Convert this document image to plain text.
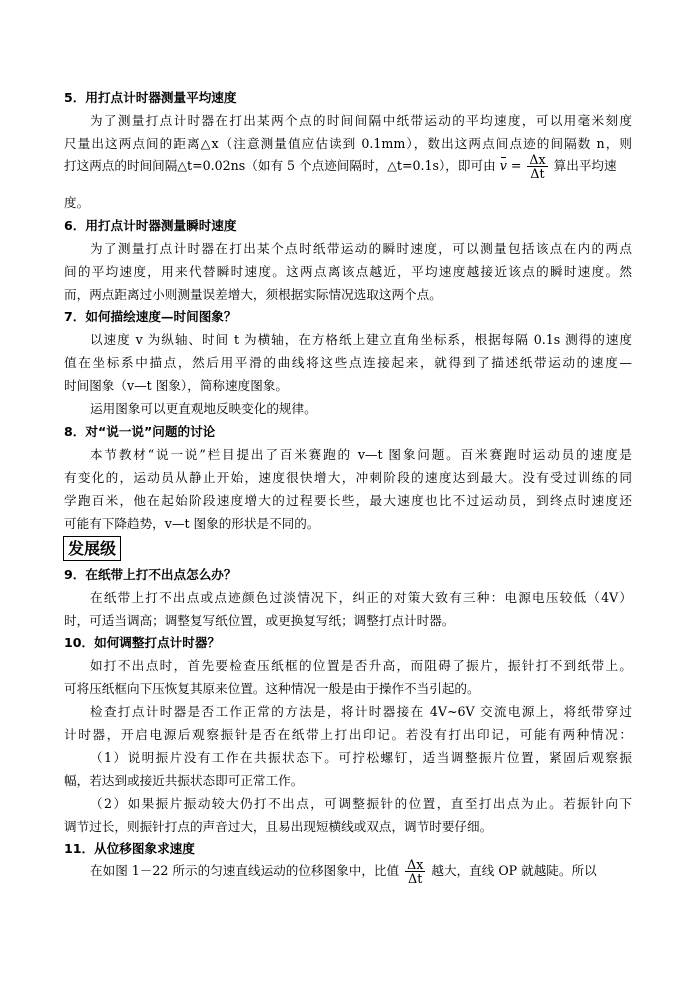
5．用打点计时器测量平均速度
为了测量打点计时器在打出某两个点的时间间隔中纸带运动的平均速度，可以用毫米刻度
尺量出这两点间的距离△x（注意测量值应估读到 0.1mm），数出这两点间点迹的间隔数 n，则
打这两点的时间间隔△t=0.02ns（如有 5 个点迹间隔时，△t=0.1s），即可由 $v = \frac{\Delta x}{\Delta t}$ 算出平均速
度。
6．用打点计时器测量瞬时速度
为了测量打点计时器在打出某个点时纸带运动的瞬时速度，可以测量包括该点在内的两点
间的平均速度，用来代替瞬时速度。这两点离该点越近，平均速度越接近该点的瞬时速度。然
而，两点距离过小则测量误差增大，须根据实际情况选取这两个点。
7．如何描绘速度—时间图象？
以速度 v 为纵轴、时间 t 为横轴，在方格纸上建立直角坐标系，根据每隔 0.1s 测得的速度
值在坐标系中描点，然后用平滑的曲线将这些点连接起来，就得到了描述纸带运动的速度—
时间图象（v—t 图象），简称速度图象。
运用图象可以更直观地反映变化的规律。
8．对“说一说”问题的讨论
本节教材“说一说”栏目提出了百米赛跑的 v—t 图象问题。百米赛跑时运动员的速度是
有变化的，运动员从静止开始，速度很快增大，冲刺阶段的速度达到最大。没有受过训练的同
学跑百米，他在起始阶段速度增大的过程要长些，最大速度也比不过运动员，到终点时速度还
可能有下降趋势，v—t 图象的形状是不同的。
发展级
9．在纸带上打不出点怎么办？
在纸带上打不出点或点迹颜色过淡情况下，纠正的对策大致有三种：电源电压较低（4V）
时，可适当调高；调整复写纸位置，或更换复写纸；调整打点计时器。
10．如何调整打点计时器？
如打不出点时，首先要检查压纸框的位置是否升高，而阻碍了振片，振针打不到纸带上。
可将压纸框向下压恢复其原来位置。这种情况一般是由于操作不当引起的。
检查打点计时器是否工作正常的方法是，将计时器接在 4V~6V 交流电源上，将纸带穿过
计时器，开启电源后观察振针是否在纸带上打出印记。若没有打出印记，可能有两种情况：
（1）说明振片没有工作在共振状态下。可拧松螺钉，适当调整振片位置，紧固后观察振
幅，若达到或接近共振状态即可正常工作。
（2）如果振片振动较大仍打不出点，可调整振针的位置，直至打出点为止。若振针向下
调节过长，则振针打点的声音过大，且易出现短横线或双点，调节时要仔细。
11．从位移图象求速度
在如图 1－22 所示的匀速直线运动的位移图象中，比值 $\frac{\Delta x}{\Delta t}$ 越大，直线 OP 就越陡。所以
